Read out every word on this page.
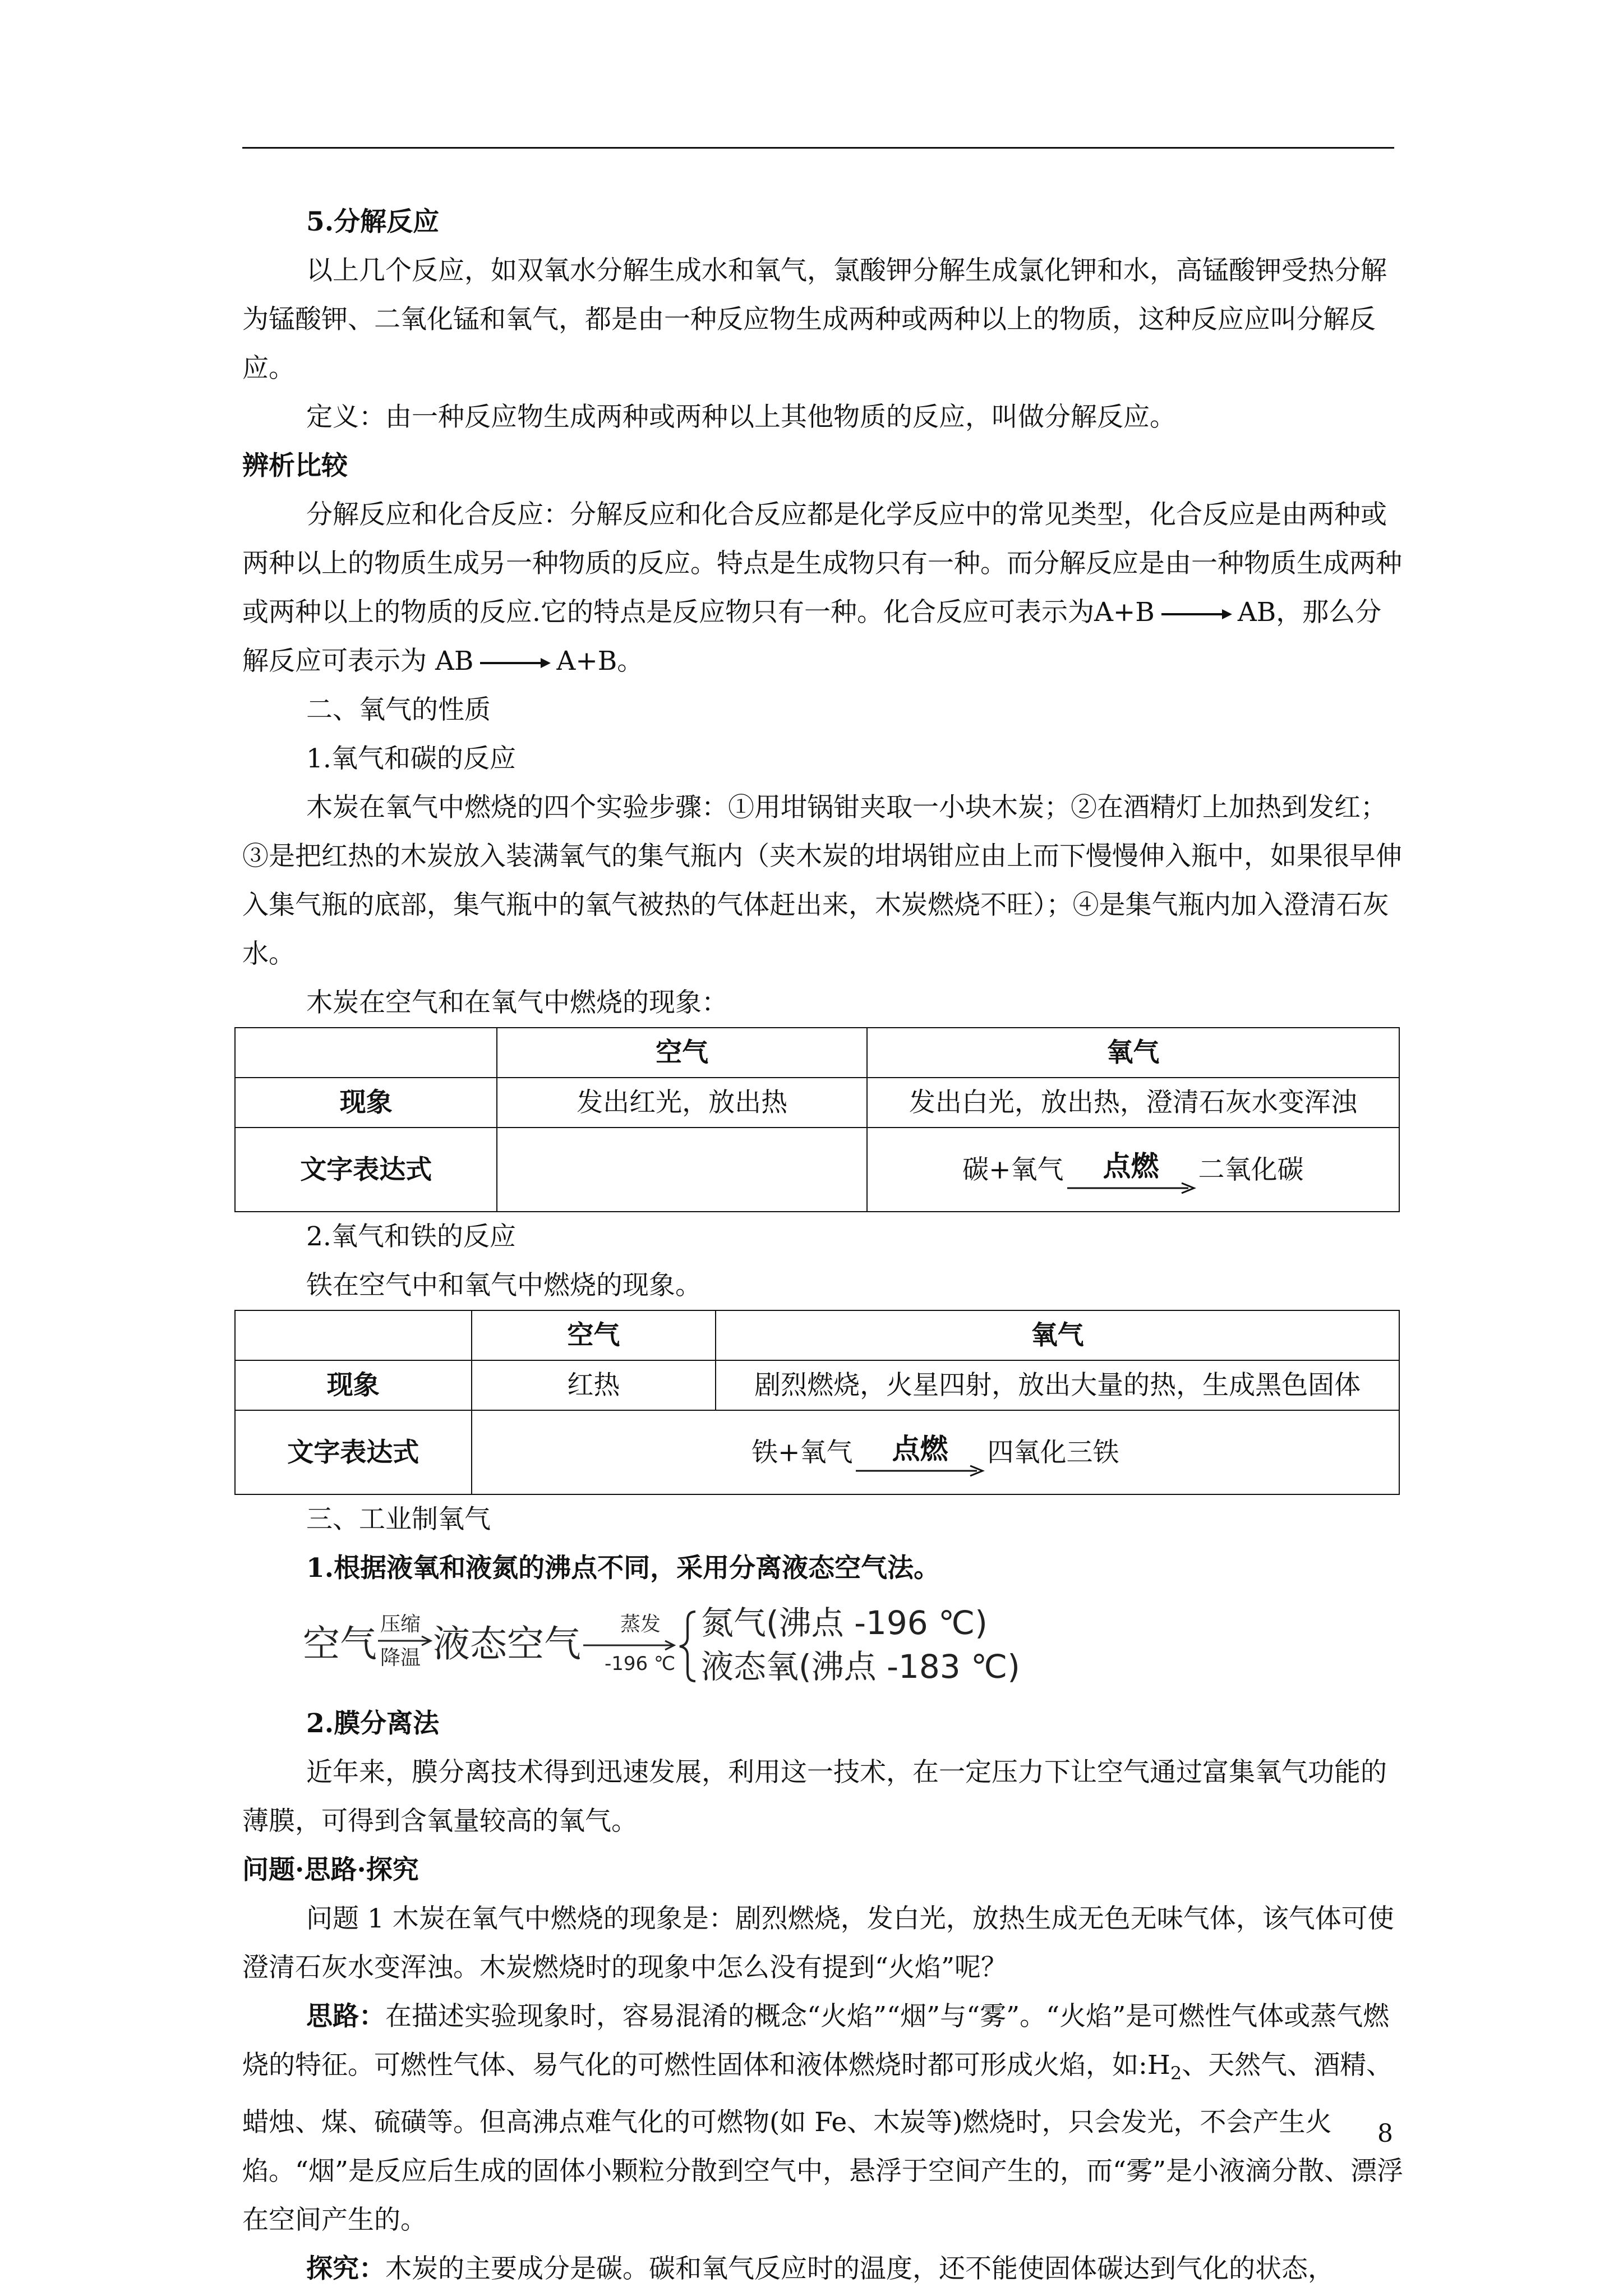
5.分解反应

以上几个反应，如双氧水分解生成水和氧气，氯酸钾分解生成氯化钾和水，高锰酸钾受热分解为锰酸钾、二氧化锰和氧气，都是由一种反应物生成两种或两种以上的物质，这种反应应叫分解反应。

定义：由一种反应物生成两种或两种以上其他物质的反应，叫做分解反应。

辨析比较

分解反应和化合反应：分解反应和化合反应都是化学反应中的常见类型，化合反应是由两种或两种以上的物质生成另一种物质的反应。特点是生成物只有一种。而分解反应是由一种物质生成两种或两种以上的物质的反应.它的特点是反应物只有一种。化合反应可表示为A+B → AB，那么分解反应可表示为 AB → A+B。

二、氧气的性质

1.氧气和碳的反应

木炭在氧气中燃烧的四个实验步骤：①用坩锅钳夹取一小块木炭；②在酒精灯上加热到发红；③是把红热的木炭放入装满氧气的集气瓶内（夹木炭的坩埚钳应由上而下慢慢伸入瓶中，如果很早伸入集气瓶的底部，集气瓶中的氧气被热的气体赶出来，木炭燃烧不旺）；④是集气瓶内加入澄清石灰水。

木炭在空气和在氧气中燃烧的现象：

	空气	氧气
现象	发出红光，放出热	发出白光，放出热，澄清石灰水变浑浊
文字表达式		碳+氧气 点燃 二氧化碳

2.氧气和铁的反应

铁在空气中和氧气中燃烧的现象。

	空气	氧气
现象	红热	剧烈燃烧，火星四射，放出大量的热，生成黑色固体
文字表达式	铁+氧气 点燃 四氧化三铁	

三、工业制氧气

1.根据液氧和液氮的沸点不同，采用分离液态空气法。

空气 压缩
降温 液态空气 蒸发
-196 ℃
氮气(沸点 -196 ℃)
液态氧(沸点 -183 ℃)

2.膜分离法

近年来，膜分离技术得到迅速发展，利用这一技术，在一定压力下让空气通过富集氧气功能的薄膜，可得到含氧量较高的氧气。

问题·思路·探究

问题 1 木炭在氧气中燃烧的现象是：剧烈燃烧，发白光，放热生成无色无味气体，该气体可使澄清石灰水变浑浊。木炭燃烧时的现象中怎么没有提到“火焰”呢？

思路：在描述实验现象时，容易混淆的概念“火焰”“烟”与“雾”。“火焰”是可燃性气体或蒸气燃烧的特征。可燃性气体、易气化的可燃性固体和液体燃烧时都可形成火焰，如$:H_2$、天然气、酒精、蜡烛、煤、硫磺等。但高沸点难气化的可燃物(如 Fe、木炭等)燃烧时，只会发光，不会产生火焰。“烟”是反应后生成的固体小颗粒分散到空气中，悬浮于空间产生的，而“雾”是小液滴分散、漂浮在空间产生的。

探究：木炭的主要成分是碳。碳和氧气反应时的温度，还不能使固体碳达到气化的状态，

8
